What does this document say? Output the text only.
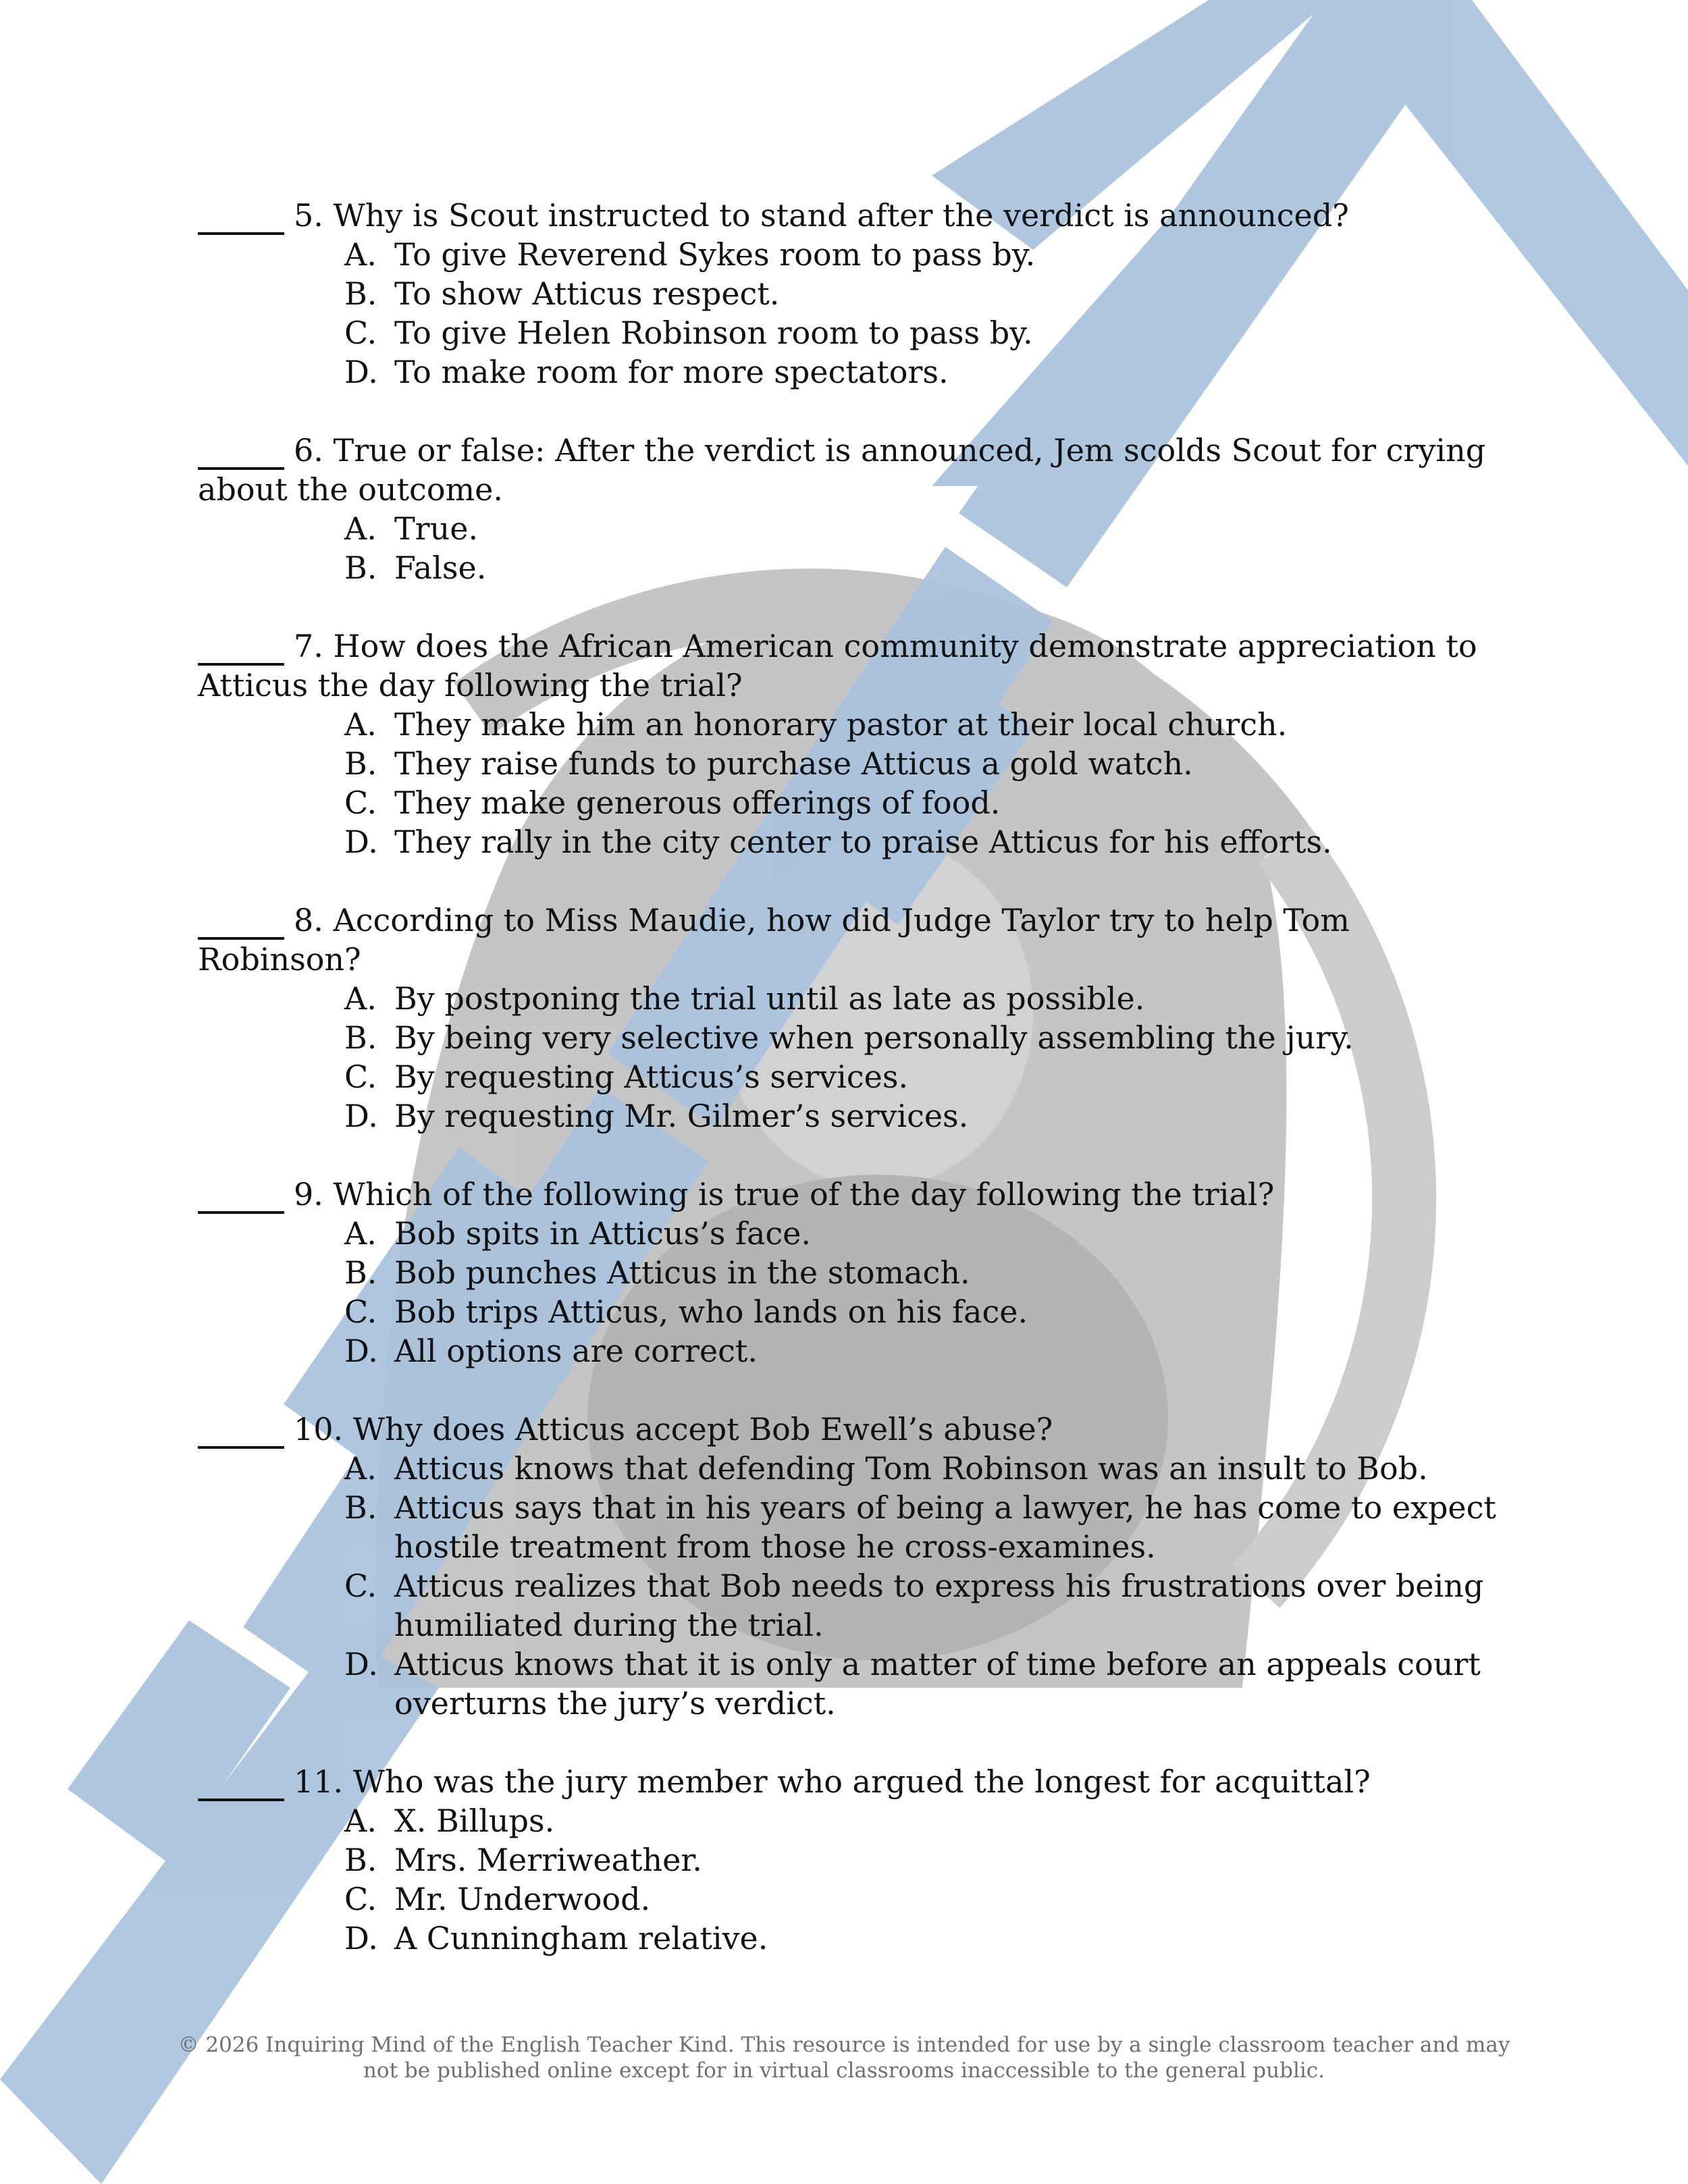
5. Why is Scout instructed to stand after the verdict is announced?
A. To give Reverend Sykes room to pass by.
B. To show Atticus respect.
C. To give Helen Robinson room to pass by.
D. To make room for more spectators.
6. True or false: After the verdict is announced, Jem scolds Scout for crying about the outcome.
A. True.
B. False.
7. How does the African American community demonstrate appreciation to Atticus the day following the trial?
A. They make him an honorary pastor at their local church.
B. They raise funds to purchase Atticus a gold watch.
C. They make generous offerings of food.
D. They rally in the city center to praise Atticus for his efforts.
8. According to Miss Maudie, how did Judge Taylor try to help Tom Robinson?
A. By postponing the trial until as late as possible.
B. By being very selective when personally assembling the jury.
C. By requesting Atticus’s services.
D. By requesting Mr. Gilmer’s services.
9. Which of the following is true of the day following the trial?
A. Bob spits in Atticus’s face.
B. Bob punches Atticus in the stomach.
C. Bob trips Atticus, who lands on his face.
D. All options are correct.
10. Why does Atticus accept Bob Ewell’s abuse?
A. Atticus knows that defending Tom Robinson was an insult to Bob.
B. Atticus says that in his years of being a lawyer, he has come to expect hostile treatment from those he cross-examines.
C. Atticus realizes that Bob needs to express his frustrations over being humiliated during the trial.
D. Atticus knows that it is only a matter of time before an appeals court overturns the jury’s verdict.
11. Who was the jury member who argued the longest for acquittal?
A. X. Billups.
B. Mrs. Merriweather.
C. Mr. Underwood.
D. A Cunningham relative.
© 2026 Inquiring Mind of the English Teacher Kind. This resource is intended for use by a single classroom teacher and may
not be published online except for in virtual classrooms inaccessible to the general public.
